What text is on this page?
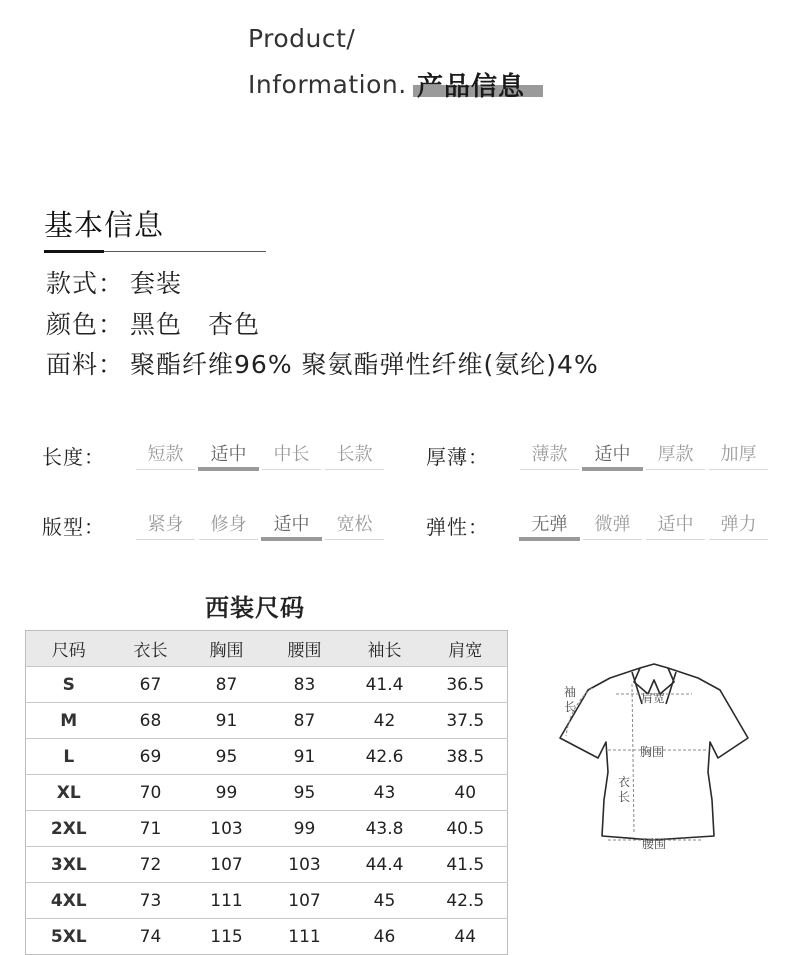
Product/
Information. 产品信息
基本信息
款式： 套装
颜色： 黑色 杏色
面料： 聚酯纤维96% 聚氨酯弹性纤维(氨纶)4%
长度：	短款	适中	中长	长款	厚薄：	薄款	适中	厚款	加厚
版型：	紧身	修身	适中	宽松	弹性：	无弹	微弹	适中	弹力
西装尺码
尺码	衣长	胸围	腰围	袖长	肩宽
S	67	87	83	41.4	36.5
M	68	91	87	42	37.5
L	69	95	91	42.6	38.5
XL	70	99	95	43	40
2XL	71	103	99	43.8	40.5
3XL	72	107	103	44.4	41.5
4XL	73	111	107	45	42.5
5XL	74	115	111	46	44
肩宽
胸围
腰围
袖
长
衣
长
